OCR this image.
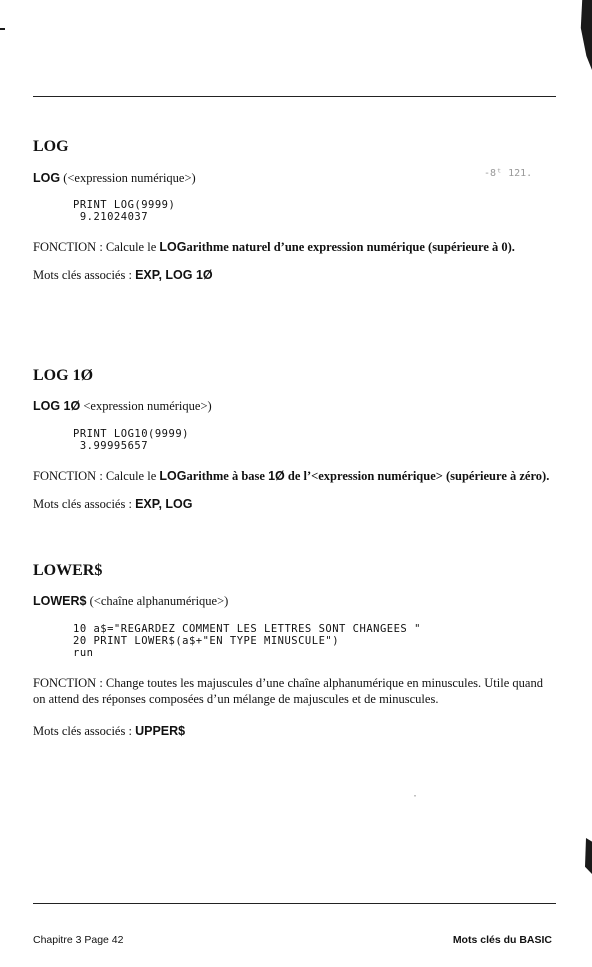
-8ᵗ 121.
·
LOG

LOG (<expression numérique>)

PRINT LOG(9999)
9.21024037

FONCTION : Calcule le LOGarithme naturel d’une expression numérique (supérieure à 0).

Mots clés associés : EXP, LOG 1Ø

LOG 1Ø

LOG 1Ø <expression numérique>)

PRINT LOG10(9999)
3.99995657

FONCTION : Calcule le LOGarithme à base 1Ø de l’<expression numérique> (supérieure à zéro).

Mots clés associés : EXP, LOG

LOWER$

LOWER$ (<chaîne alphanumérique>)

10 a$="REGARDEZ COMMENT LES LETTRES SONT CHANGEES "
20 PRINT LOWER$(a$+"EN TYPE MINUSCULE")
run

FONCTION : Change toutes les majuscules d’une chaîne alphanumérique en minuscules. Utile quand on attend des réponses composées d’un mélange de majuscules et de minuscules.

Mots clés associés : UPPER$

Chapitre 3 Page 42	Mots clés du BASIC
